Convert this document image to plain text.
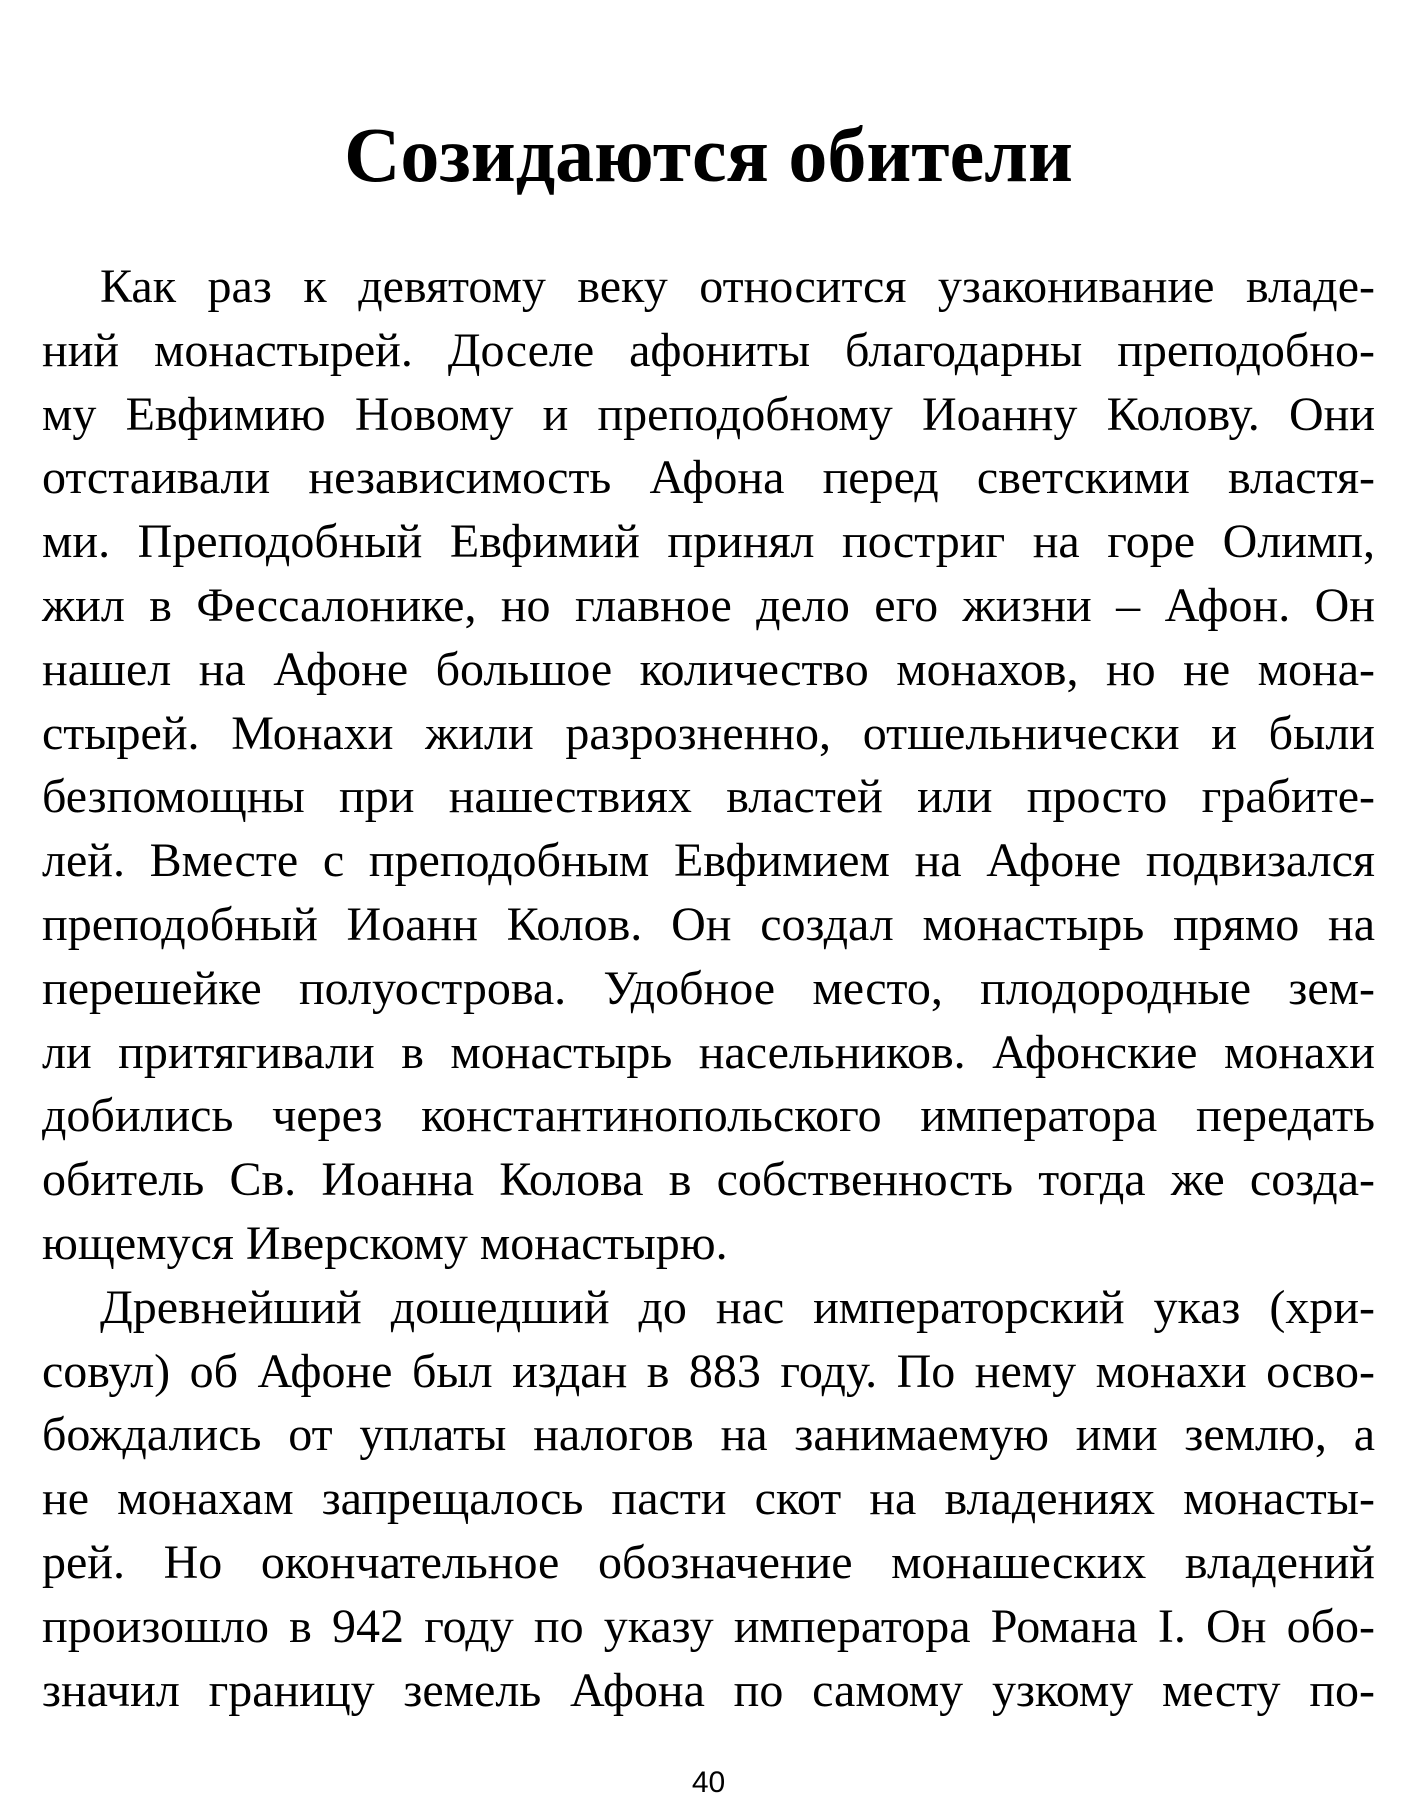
Созидаются обители
Как раз к девятому веку относится узаконивание владе-
ний монастырей. Доселе афониты благодарны преподобно-
му Евфимию Новому и преподобному Иоанну Колову. Они
отстаивали независимость Афона перед светскими властя-
ми. Преподобный Евфимий принял постриг на горе Олимп,
жил в Фессалонике, но главное дело его жизни – Афон. Он
нашел на Афоне большое количество монахов, но не мона-
стырей. Монахи жили разрозненно, отшельнически и были
безпомощны при нашествиях властей или просто грабите-
лей. Вместе с преподобным Евфимием на Афоне подвизался
преподобный Иоанн Колов. Он создал монастырь прямо на
перешейке полуострова. Удобное место, плодородные зем-
ли притягивали в монастырь насельников. Афонские монахи
добились через константинопольского императора передать
обитель Св. Иоанна Колова в собственность тогда же созда-
ющемуся Иверскому монастырю.
Древнейший дошедший до нас императорский указ (хри-
совул) об Афоне был издан в 883 году. По нему монахи осво-
бождались от уплаты налогов на занимаемую ими землю, а
не монахам запрещалось пасти скот на владениях монасты-
рей. Но окончательное обозначение монашеских владений
произошло в 942 году по указу императора Романа I. Он обо-
значил границу земель Афона по самому узкому месту по-
40
